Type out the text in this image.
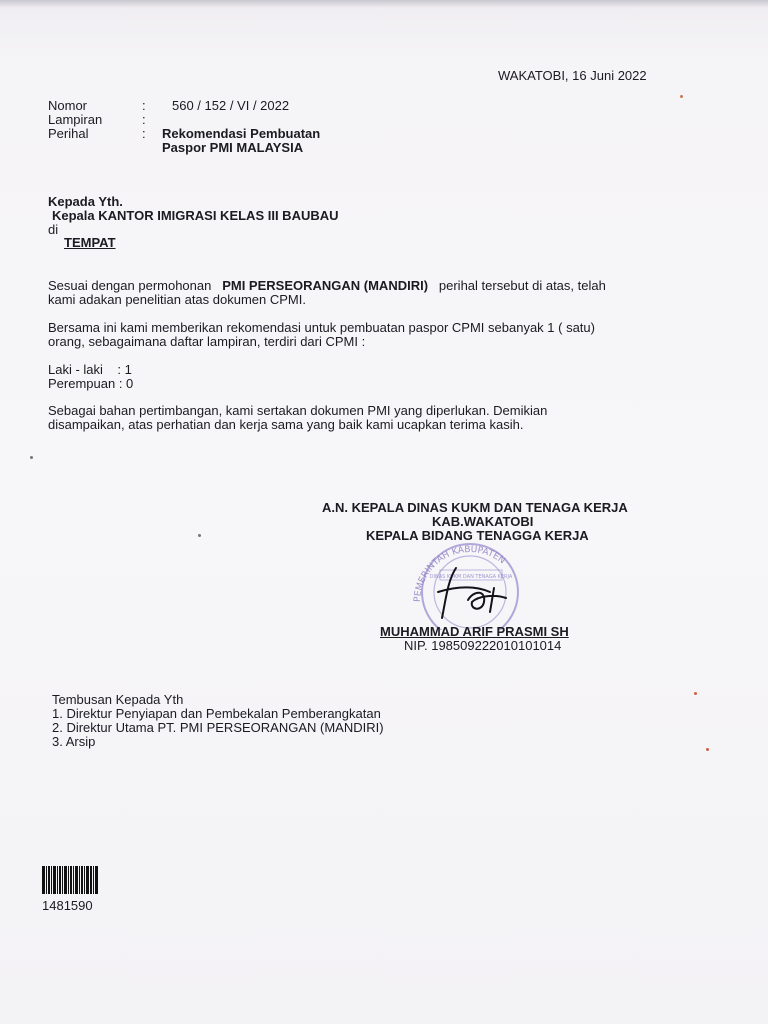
WAKATOBI, 16 Juni 2022
Nomor	: 560 / 152 / VI / 2022
Lampiran	:
Perihal	: Rekomendasi Pembuatan
Paspor PMI MALAYSIA
Kepada Yth.
Kepala KANTOR IMIGRASI KELAS III BAUBAU
di
TEMPAT
Sesuai dengan permohonan PMI PERSEORANGAN (MANDIRI) perihal tersebut di atas, telah
kami adakan penelitian atas dokumen CPMI.
Bersama ini kami memberikan rekomendasi untuk pembuatan paspor CPMI sebanyak 1 ( satu)
orang, sebagaimana daftar lampiran, terdiri dari CPMI :
Laki - laki    : 1
Perempuan : 0
Sebagai bahan pertimbangan, kami sertakan dokumen PMI yang diperlukan. Demikian
disampaikan, atas perhatian dan kerja sama yang baik kami ucapkan terima kasih.
A.N. KEPALA DINAS KUKM DAN TENAGA KERJA
KAB.WAKATOBI
KEPALA BIDANG TENAGGA KERJA
PEMERINTAH KABUPATEN
DINAS KUKM DAN TENAGA KERJA
MUHAMMAD ARIF PRASMI SH
NIP. 198509222010101014
Tembusan Kepada Yth
1. Direktur Penyiapan dan Pembekalan Pemberangkatan
2. Direktur Utama PT. PMI PERSEORANGAN (MANDIRI)
3. Arsip
1481590
